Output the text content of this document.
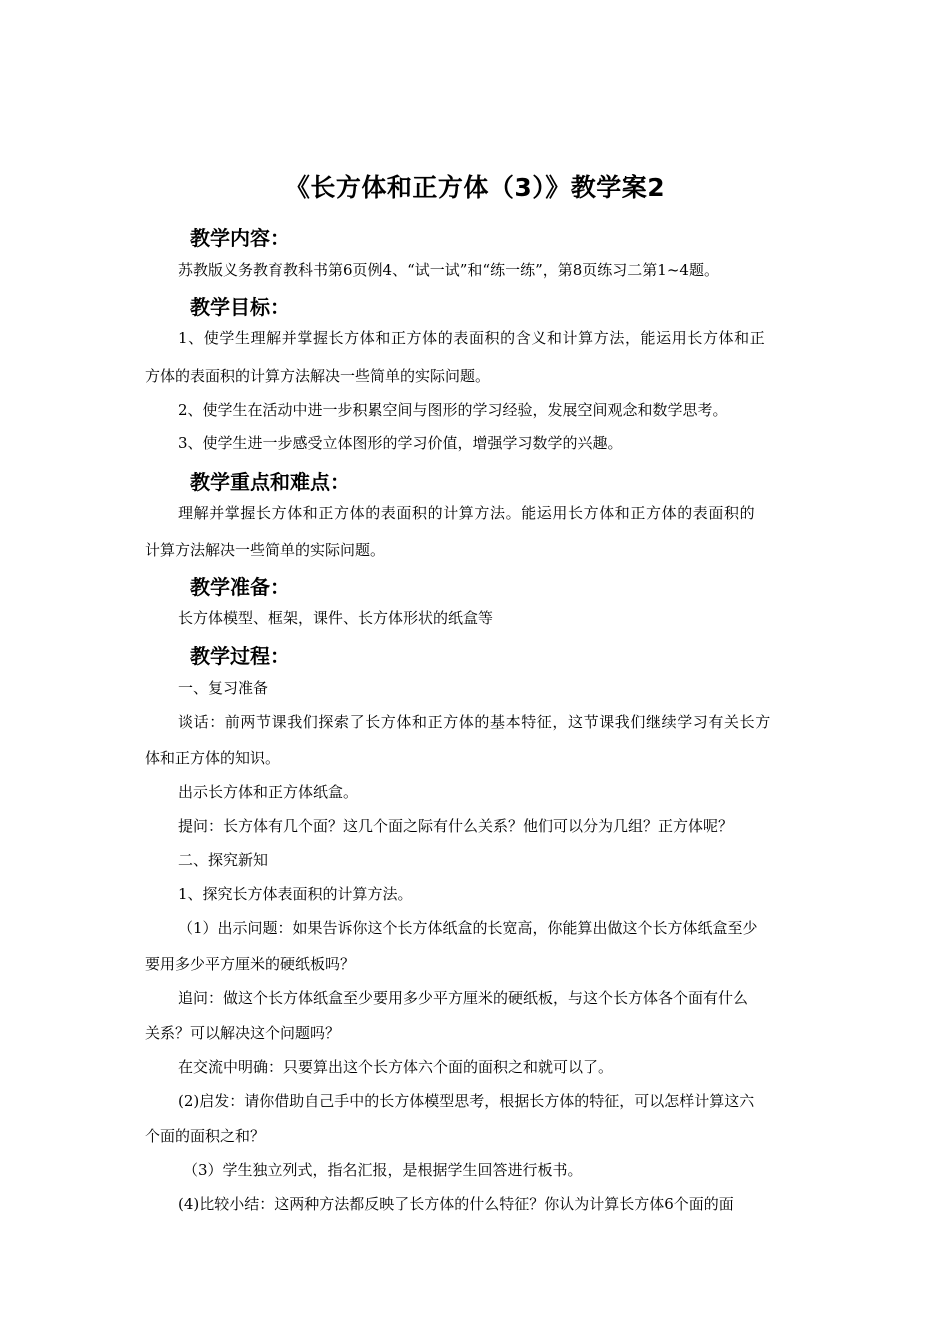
《长方体和正方体（3）》教学案2
教学内容：
苏教版义务教育教科书第6页例4、“试一试”和“练一练”，第8页练习二第1~4题。
教学目标：
1、使学生理解并掌握长方体和正方体的表面积的含义和计算方法，能运用长方体和正
方体的表面积的计算方法解决一些简单的实际问题。
2、使学生在活动中进一步积累空间与图形的学习经验，发展空间观念和数学思考。
3、使学生进一步感受立体图形的学习价值，增强学习数学的兴趣。
教学重点和难点：
理解并掌握长方体和正方体的表面积的计算方法。能运用长方体和正方体的表面积的
计算方法解决一些简单的实际问题。
教学准备：
长方体模型、框架，课件、长方体形状的纸盒等
教学过程：
一、复习准备
谈话：前两节课我们探索了长方体和正方体的基本特征，这节课我们继续学习有关长方
体和正方体的知识。
出示长方体和正方体纸盒。
提问：长方体有几个面？这几个面之际有什么关系？他们可以分为几组？正方体呢？
二、探究新知
1、探究长方体表面积的计算方法。
（1）出示问题：如果告诉你这个长方体纸盒的长宽高，你能算出做这个长方体纸盒至少
要用多少平方厘米的硬纸板吗？
追问：做这个长方体纸盒至少要用多少平方厘米的硬纸板，与这个长方体各个面有什么
关系？可以解决这个问题吗？
在交流中明确：只要算出这个长方体六个面的面积之和就可以了。
(2)启发：请你借助自己手中的长方体模型思考，根据长方体的特征，可以怎样计算这六
个面的面积之和？
（3）学生独立列式，指名汇报，是根据学生回答进行板书。
(4)比较小结：这两种方法都反映了长方体的什么特征？你认为计算长方体6个面的面
